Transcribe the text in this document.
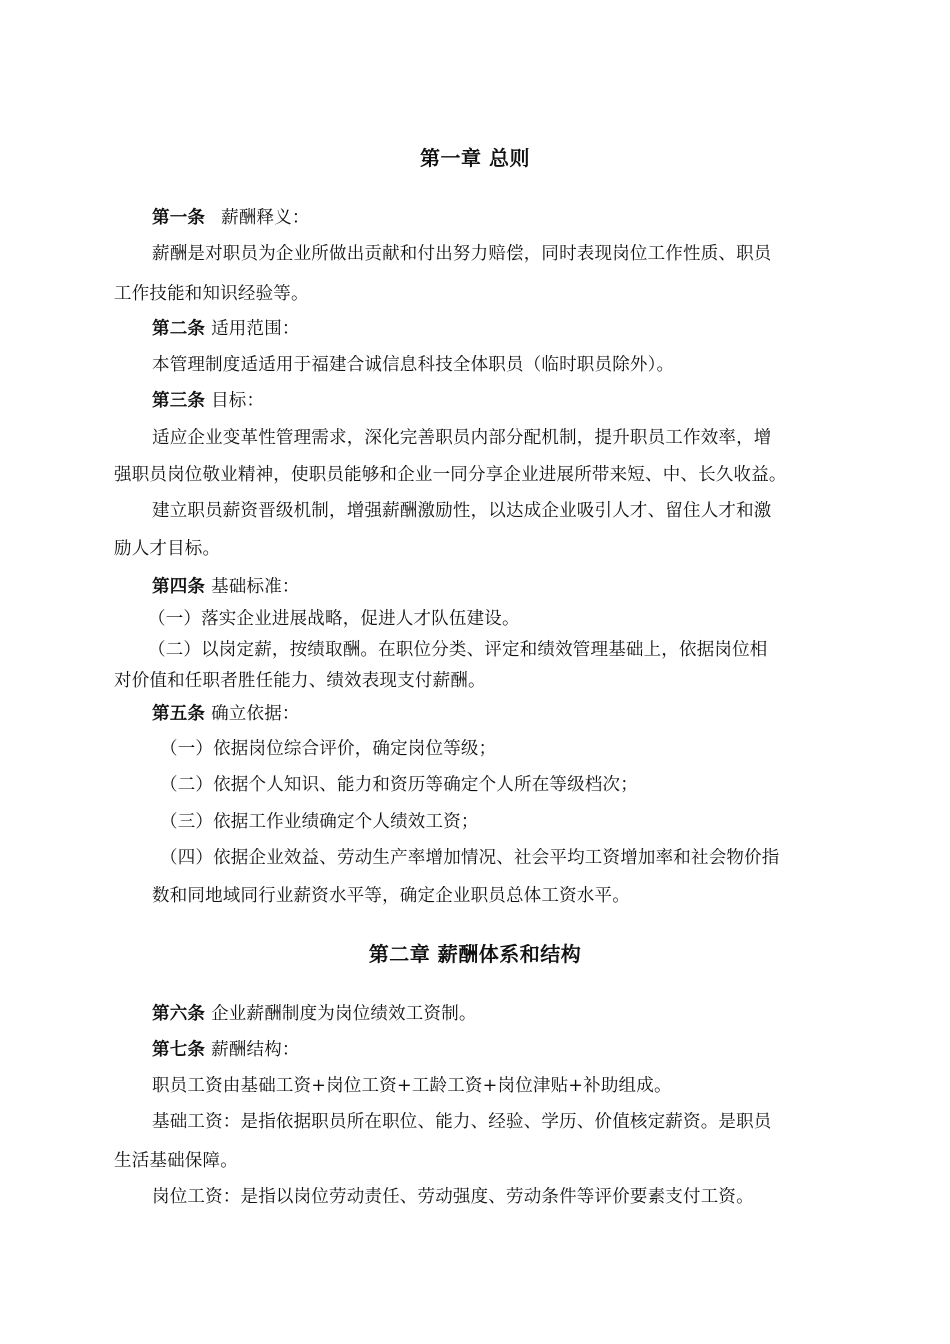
第一章 总则
第一条 薪酬释义：
薪酬是对职员为企业所做出贡献和付出努力赔偿，同时表现岗位工作性质、职员
工作技能和知识经验等。
第二条 适用范围：
本管理制度适适用于福建合诚信息科技全体职员（临时职员除外）。
第三条 目标：
适应企业变革性管理需求，深化完善职员内部分配机制，提升职员工作效率，增
强职员岗位敬业精神，使职员能够和企业一同分享企业进展所带来短、中、长久收益。
建立职员薪资晋级机制，增强薪酬激励性，以达成企业吸引人才、留住人才和激
励人才目标。
第四条 基础标准：
（一）落实企业进展战略，促进人才队伍建设。
（二）以岗定薪，按绩取酬。在职位分类、评定和绩效管理基础上，依据岗位相
对价值和任职者胜任能力、绩效表现支付薪酬。
第五条 确立依据：
（一）依据岗位综合评价，确定岗位等级；
（二）依据个人知识、能力和资历等确定个人所在等级档次；
（三）依据工作业绩确定个人绩效工资；
（四）依据企业效益、劳动生产率增加情况、社会平均工资增加率和社会物价指
数和同地域同行业薪资水平等，确定企业职员总体工资水平。
第二章 薪酬体系和结构
第六条 企业薪酬制度为岗位绩效工资制。
第七条 薪酬结构：
职员工资由基础工资+岗位工资+工龄工资+岗位津贴+补助组成。
基础工资：是指依据职员所在职位、能力、经验、学历、价值核定薪资。是职员
生活基础保障。
岗位工资：是指以岗位劳动责任、劳动强度、劳动条件等评价要素支付工资。
